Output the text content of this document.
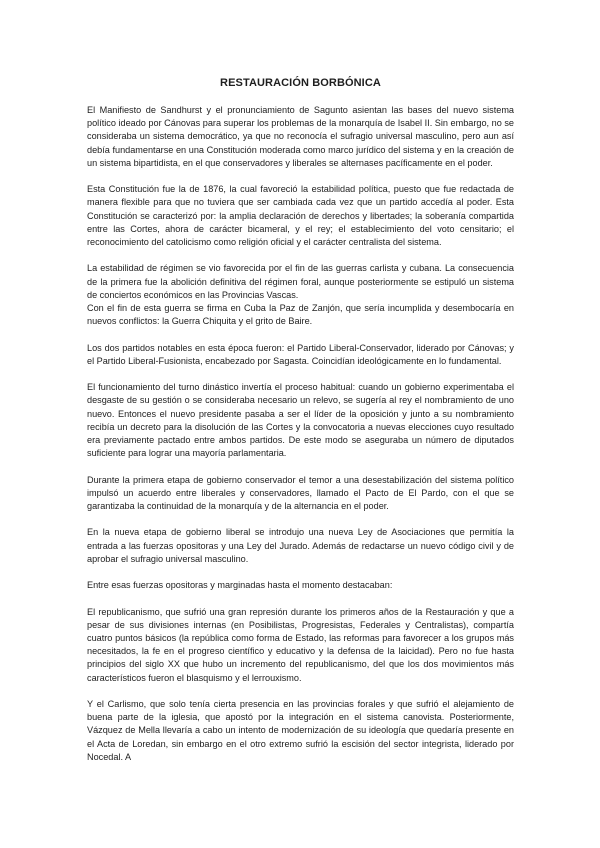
RESTAURACIÓN BORBÓNICA

El Manifiesto de Sandhurst y el pronunciamiento de Sagunto asientan las bases del nuevo sistema político ideado por Cánovas para superar los problemas de la monarquía de Isabel II. Sin embargo, no se consideraba un sistema democrático, ya que no reconocía el sufragio universal masculino, pero aun así debía fundamentarse en una Constitución moderada como marco jurídico del sistema y en la creación de un sistema bipartidista, en el que conservadores y liberales se alternases pacíficamente en el poder.

Esta Constitución fue la de 1876, la cual favoreció la estabilidad política, puesto que fue redactada de manera flexible para que no tuviera que ser cambiada cada vez que un partido accedía al poder. Esta Constitución se caracterizó por: la amplia declaración de derechos y libertades; la soberanía compartida entre las Cortes, ahora de carácter bicameral, y el rey; el establecimiento del voto censitario; el reconocimiento del catolicismo como religión oficial y el carácter centralista del sistema.

La estabilidad de régimen se vio favorecida por el fin de las guerras carlista y cubana. La consecuencia de la primera fue la abolición definitiva del régimen foral, aunque posteriormente se estipuló un sistema de conciertos económicos en las Provincias Vascas.

Con el fin de esta guerra se firma en Cuba la Paz de Zanjón, que sería incumplida y desembocaría en nuevos conflictos: la Guerra Chiquita y el grito de Baire.

Los dos partidos notables en esta época fueron: el Partido Liberal-Conservador, liderado por Cánovas; y el Partido Liberal-Fusionista, encabezado por Sagasta. Coincidían ideológicamente en lo fundamental.

El funcionamiento del turno dinástico invertía el proceso habitual: cuando un gobierno experimentaba el desgaste de su gestión o se consideraba necesario un relevo, se sugería al rey el nombramiento de uno nuevo. Entonces el nuevo presidente pasaba a ser el líder de la oposición y junto a su nombramiento recibía un decreto para la disolución de las Cortes y la convocatoria a nuevas elecciones cuyo resultado era previamente pactado entre ambos partidos. De este modo se aseguraba un número de diputados suficiente para lograr una mayoría parlamentaria.

Durante la primera etapa de gobierno conservador el temor a una desestabilización del sistema político impulsó un acuerdo entre liberales y conservadores, llamado el Pacto de El Pardo, con el que se garantizaba la continuidad de la monarquía y de la alternancia en el poder.

En la nueva etapa de gobierno liberal se introdujo una nueva Ley de Asociaciones que permitía la entrada a las fuerzas opositoras y una Ley del Jurado. Además de redactarse un nuevo código civil y de aprobar el sufragio universal masculino.

Entre esas fuerzas opositoras y marginadas hasta el momento destacaban:

El republicanismo, que sufrió una gran represión durante los primeros años de la Restauración y que a pesar de sus divisiones internas (en Posibilistas, Progresistas, Federales y Centralistas), compartía cuatro puntos básicos (la república como forma de Estado, las reformas para favorecer a los grupos más necesitados, la fe en el progreso científico y educativo y la defensa de la laicidad). Pero no fue hasta principios del siglo XX que hubo un incremento del republicanismo, del que los dos movimientos más característicos fueron el blasquismo y el lerrouxismo.

Y el Carlismo, que solo tenía cierta presencia en las provincias forales y que sufrió el alejamiento de buena parte de la iglesia, que apostó por la integración en el sistema canovista. Posteriormente, Vázquez de Mella llevaría a cabo un intento de modernización de su ideología que quedaría presente en el Acta de Loredan, sin embargo en el otro extremo sufrió la escisión del sector integrista, liderado por Nocedal. A
